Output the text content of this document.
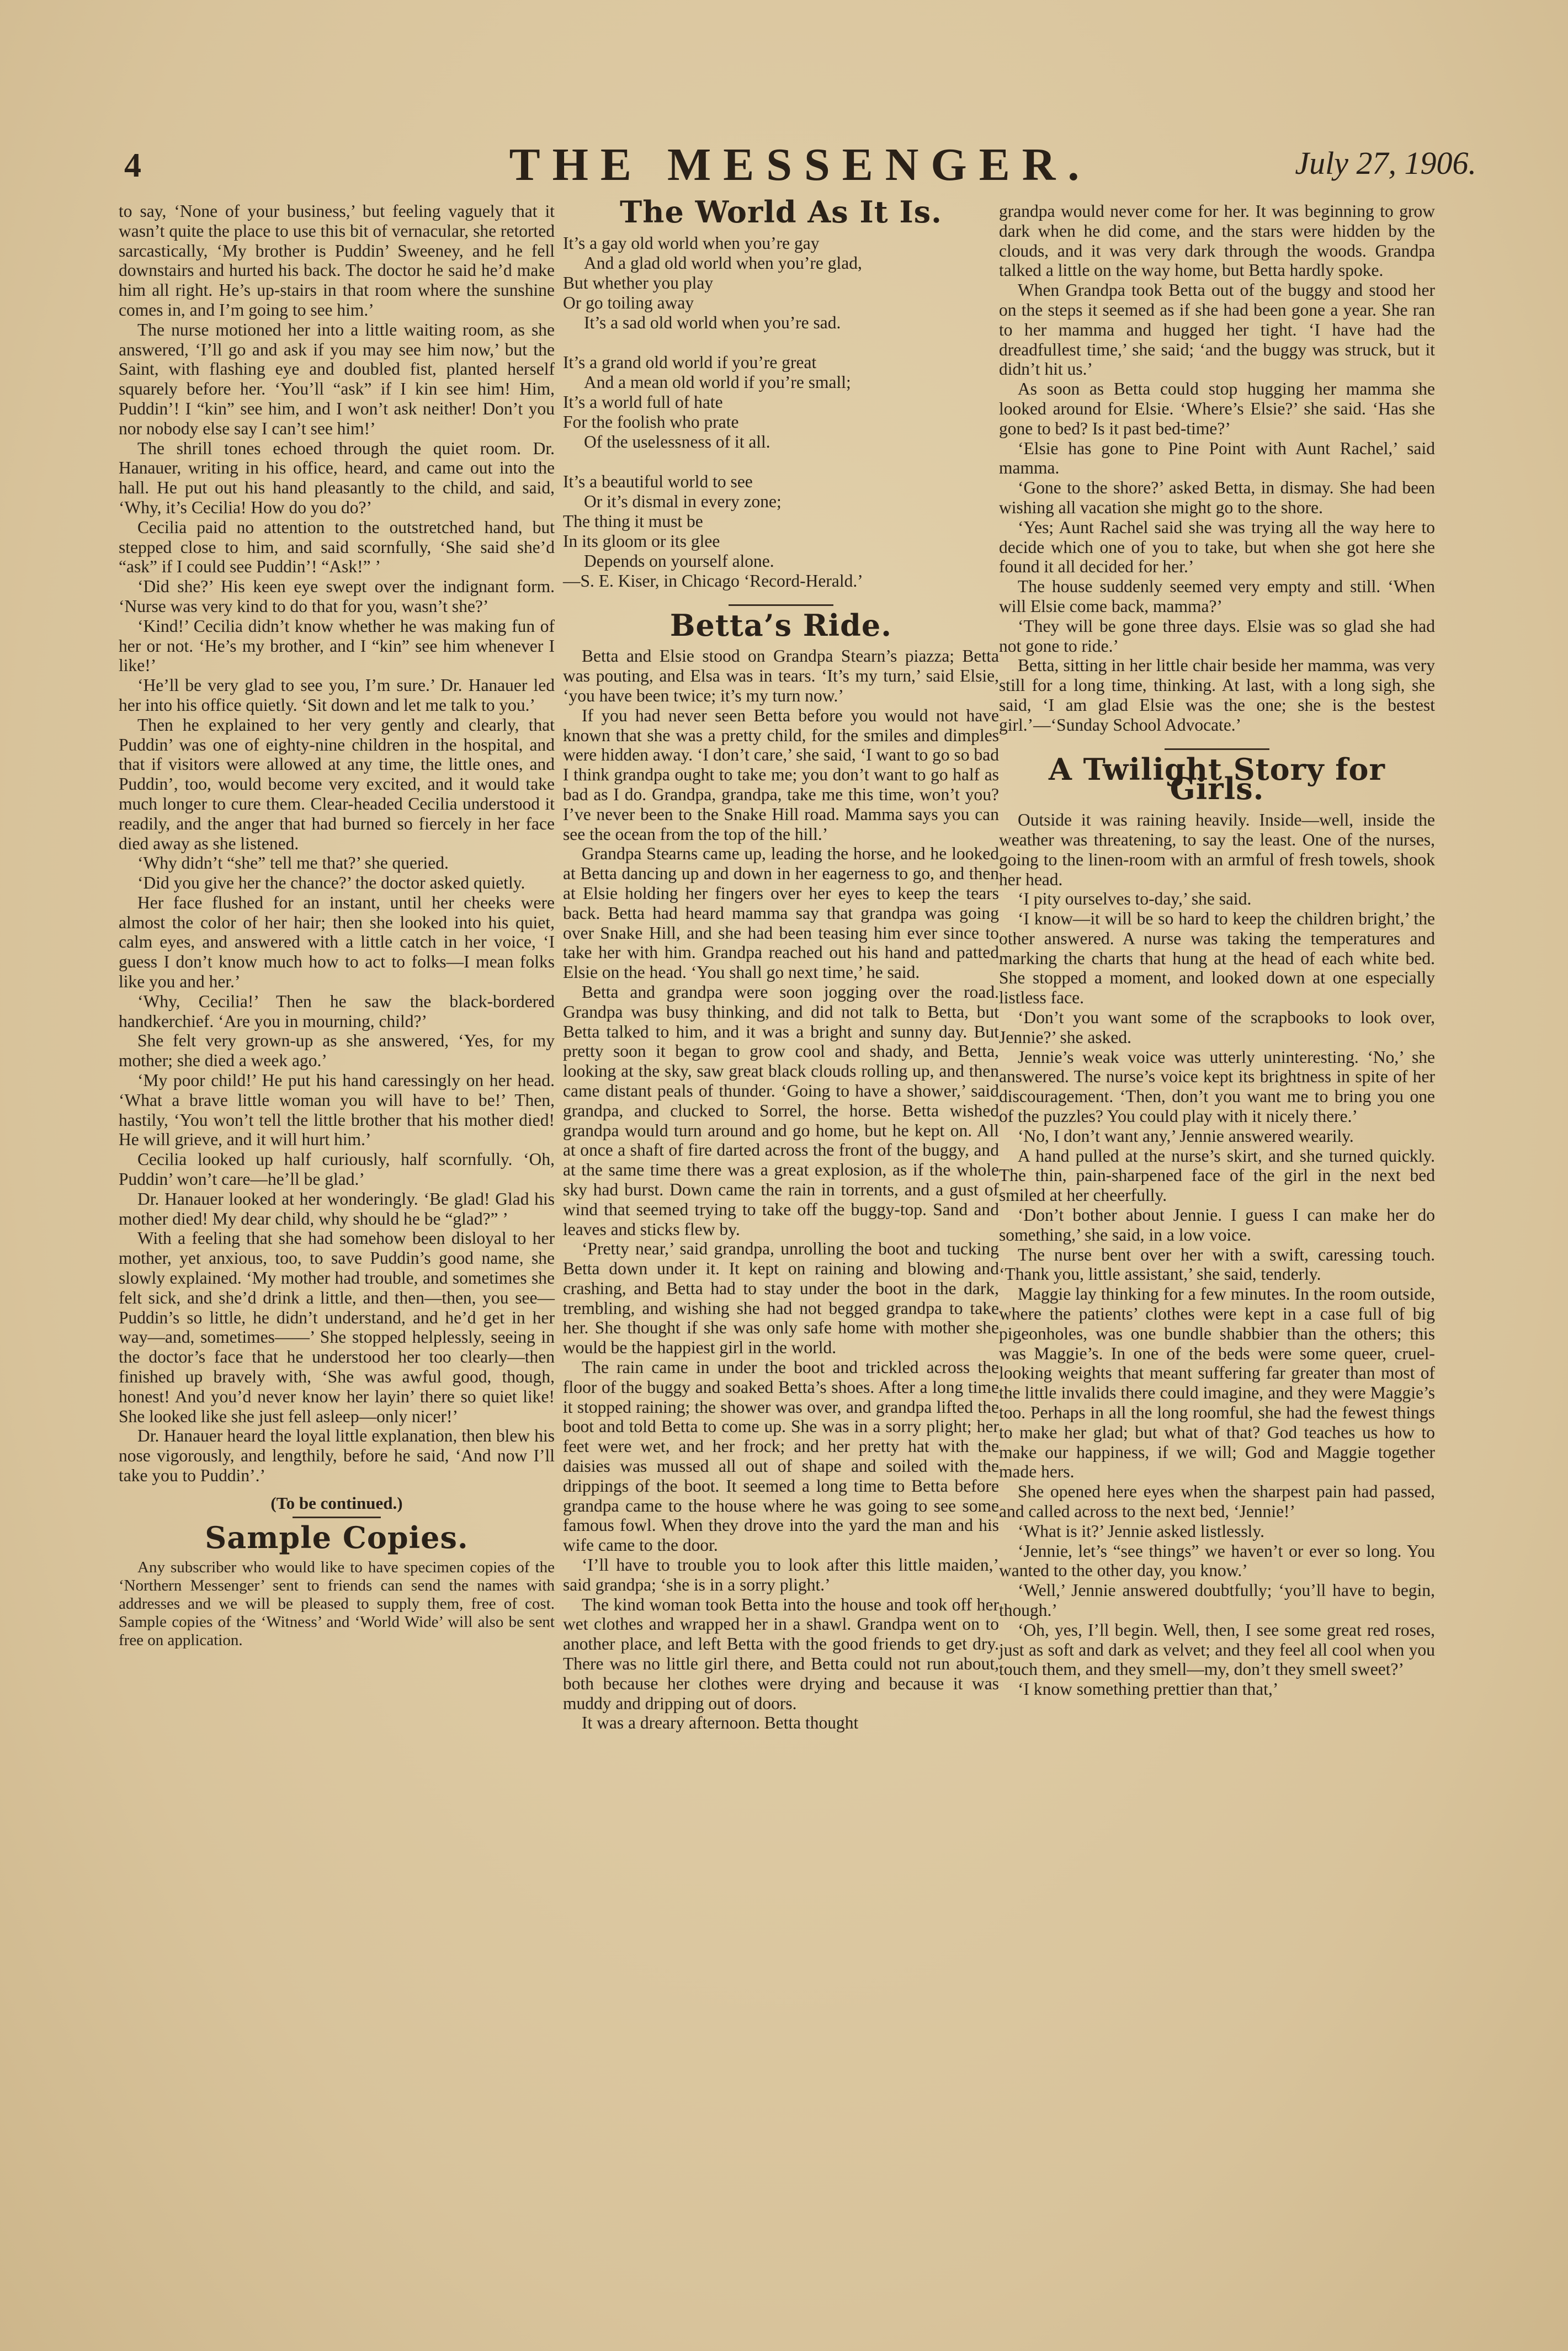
4	THE MESSENGER.	July 27, 1906.

to say, ‘None of your business,’ but feeling vaguely that it wasn’t quite the place to use this bit of vernacular, she retorted sarcastically, ‘My brother is Puddin’ Sweeney, and he fell downstairs and hurted his back. The doctor he said he’d make him all right. He’s up-stairs in that room where the sunshine comes in, and I’m going to see him.’

The nurse motioned her into a little waiting room, as she answered, ‘I’ll go and ask if you may see him now,’ but the Saint, with flashing eye and doubled fist, planted herself squarely before her. ‘You’ll “ask” if I kin see him! Him, Puddin’! I “kin” see him, and I won’t ask neither! Don’t you nor nobody else say I can’t see him!’

The shrill tones echoed through the quiet room. Dr. Hanauer, writing in his office, heard, and came out into the hall. He put out his hand pleasantly to the child, and said, ‘Why, it’s Cecilia! How do you do?’

Cecilia paid no attention to the outstretched hand, but stepped close to him, and said scornfully, ‘She said she’d “ask” if I could see Puddin’! “Ask!” ’

‘Did she?’ His keen eye swept over the indignant form. ‘Nurse was very kind to do that for you, wasn’t she?’

‘Kind!’ Cecilia didn’t know whether he was making fun of her or not. ‘He’s my brother, and I “kin” see him whenever I like!’

‘He’ll be very glad to see you, I’m sure.’ Dr. Hanauer led her into his office quietly. ‘Sit down and let me talk to you.’

Then he explained to her very gently and clearly, that Puddin’ was one of eighty-nine children in the hospital, and that if visitors were allowed at any time, the little ones, and Puddin’, too, would become very excited, and it would take much longer to cure them. Clear-headed Cecilia understood it readily, and the anger that had burned so fiercely in her face died away as she listened.

‘Why didn’t “she” tell me that?’ she queried.

‘Did you give her the chance?’ the doctor asked quietly.

Her face flushed for an instant, until her cheeks were almost the color of her hair; then she looked into his quiet, calm eyes, and answered with a little catch in her voice, ‘I guess I don’t know much how to act to folks—I mean folks like you and her.’

‘Why, Cecilia!’ Then he saw the black-bordered handkerchief. ‘Are you in mourning, child?’

She felt very grown-up as she answered, ‘Yes, for my mother; she died a week ago.’

‘My poor child!’ He put his hand caressingly on her head. ‘What a brave little woman you will have to be!’ Then, hastily, ‘You won’t tell the little brother that his mother died! He will grieve, and it will hurt him.’

Cecilia looked up half curiously, half scornfully. ‘Oh, Puddin’ won’t care—he’ll be glad.’

Dr. Hanauer looked at her wonderingly. ‘Be glad! Glad his mother died! My dear child, why should he be “glad?” ’

With a feeling that she had somehow been disloyal to her mother, yet anxious, too, to save Puddin’s good name, she slowly explained. ‘My mother had trouble, and sometimes she felt sick, and she’d drink a little, and then—then, you see—Puddin’s so little, he didn’t understand, and he’d get in her way—and, sometimes——’ She stopped helplessly, seeing in the doctor’s face that he understood her too clearly—then finished up bravely with, ‘She was awful good, though, honest! And you’d never know her layin’ there so quiet like! She looked like she just fell asleep—only nicer!’

Dr. Hanauer heard the loyal little explanation, then blew his nose vigorously, and lengthily, before he said, ‘And now I’ll take you to Puddin’.’

(To be continued.)
Sample Copies.

Any subscriber who would like to have specimen copies of the ‘Northern Messenger’ sent to friends can send the names with addresses and we will be pleased to supply them, free of cost. Sample copies of the ‘Witness’ and ‘World Wide’ will also be sent free on application.

The World As It Is.
It’s a gay old world when you’re gay
And a glad old world when you’re glad,
But whether you play
Or go toiling away
It’s a sad old world when you’re sad.
It’s a grand old world if you’re great
And a mean old world if you’re small;
It’s a world full of hate
For the foolish who prate
Of the uselessness of it all.
It’s a beautiful world to see
Or it’s dismal in every zone;
The thing it must be
In its gloom or its glee
Depends on yourself alone.
—S. E. Kiser, in Chicago ‘Record-Herald.’
Betta’s Ride.

Betta and Elsie stood on Grandpa Stearn’s piazza; Betta was pouting, and Elsa was in tears. ‘It’s my turn,’ said Elsie, ‘you have been twice; it’s my turn now.’

If you had never seen Betta before you would not have known that she was a pretty child, for the smiles and dimples were hidden away. ‘I don’t care,’ she said, ‘I want to go so bad I think grandpa ought to take me; you don’t want to go half as bad as I do. Grandpa, grandpa, take me this time, won’t you? I’ve never been to the Snake Hill road. Mamma says you can see the ocean from the top of the hill.’

Grandpa Stearns came up, leading the horse, and he looked at Betta dancing up and down in her eagerness to go, and then at Elsie holding her fingers over her eyes to keep the tears back. Betta had heard mamma say that grandpa was going over Snake Hill, and she had been teasing him ever since to take her with him. Grandpa reached out his hand and patted Elsie on the head. ‘You shall go next time,’ he said.

Betta and grandpa were soon jogging over the road. Grandpa was busy thinking, and did not talk to Betta, but Betta talked to him, and it was a bright and sunny day. But pretty soon it began to grow cool and shady, and Betta, looking at the sky, saw great black clouds rolling up, and then came distant peals of thunder. ‘Going to have a shower,’ said grandpa, and clucked to Sorrel, the horse. Betta wished grandpa would turn around and go home, but he kept on. All at once a shaft of fire darted across the front of the buggy, and at the same time there was a great explosion, as if the whole sky had burst. Down came the rain in torrents, and a gust of wind that seemed trying to take off the buggy-top. Sand and leaves and sticks flew by.

‘Pretty near,’ said grandpa, unrolling the boot and tucking Betta down under it. It kept on raining and blowing and crashing, and Betta had to stay under the boot in the dark, trembling, and wishing she had not begged grandpa to take her. She thought if she was only safe home with mother she would be the happiest girl in the world.

The rain came in under the boot and trickled across the floor of the buggy and soaked Betta’s shoes. After a long time it stopped raining; the shower was over, and grandpa lifted the boot and told Betta to come up. She was in a sorry plight; her feet were wet, and her frock; and her pretty hat with the daisies was mussed all out of shape and soiled with the drippings of the boot. It seemed a long time to Betta before grandpa came to the house where he was going to see some famous fowl. When they drove into the yard the man and his wife came to the door.

‘I’ll have to trouble you to look after this little maiden,’ said grandpa; ‘she is in a sorry plight.’

The kind woman took Betta into the house and took off her wet clothes and wrapped her in a shawl. Grandpa went on to another place, and left Betta with the good friends to get dry. There was no little girl there, and Betta could not run about, both because her clothes were drying and because it was muddy and dripping out of doors.

It was a dreary afternoon. Betta thought

grandpa would never come for her. It was beginning to grow dark when he did come, and the stars were hidden by the clouds, and it was very dark through the woods. Grandpa talked a little on the way home, but Betta hardly spoke.

When Grandpa took Betta out of the buggy and stood her on the steps it seemed as if she had been gone a year. She ran to her mamma and hugged her tight. ‘I have had the dreadfullest time,’ she said; ‘and the buggy was struck, but it didn’t hit us.’

As soon as Betta could stop hugging her mamma she looked around for Elsie. ‘Where’s Elsie?’ she said. ‘Has she gone to bed? Is it past bed-time?’

‘Elsie has gone to Pine Point with Aunt Rachel,’ said mamma.

‘Gone to the shore?’ asked Betta, in dismay. She had been wishing all vacation she might go to the shore.

‘Yes; Aunt Rachel said she was trying all the way here to decide which one of you to take, but when she got here she found it all decided for her.’

The house suddenly seemed very empty and still. ‘When will Elsie come back, mamma?’

‘They will be gone three days. Elsie was so glad she had not gone to ride.’

Betta, sitting in her little chair beside her mamma, was very still for a long time, thinking. At last, with a long sigh, she said, ‘I am glad Elsie was the one; she is the bestest girl.’—‘Sunday School Advocate.’

A Twilight Story for Girls.

Outside it was raining heavily. Inside—well, inside the weather was threatening, to say the least. One of the nurses, going to the linen-room with an armful of fresh towels, shook her head.

‘I pity ourselves to-day,’ she said.

‘I know—it will be so hard to keep the children bright,’ the other answered. A nurse was taking the temperatures and marking the charts that hung at the head of each white bed. She stopped a moment, and looked down at one especially listless face.

‘Don’t you want some of the scrapbooks to look over, Jennie?’ she asked.

Jennie’s weak voice was utterly uninteresting. ‘No,’ she answered. The nurse’s voice kept its brightness in spite of her discouragement. ‘Then, don’t you want me to bring you one of the puzzles? You could play with it nicely there.’

‘No, I don’t want any,’ Jennie answered wearily.

A hand pulled at the nurse’s skirt, and she turned quickly. The thin, pain-sharpened face of the girl in the next bed smiled at her cheerfully.

‘Don’t bother about Jennie. I guess I can make her do something,’ she said, in a low voice.

The nurse bent over her with a swift, caressing touch. ‘Thank you, little assistant,’ she said, tenderly.

Maggie lay thinking for a few minutes. In the room outside, where the patients’ clothes were kept in a case full of big pigeonholes, was one bundle shabbier than the others; this was Maggie’s. In one of the beds were some queer, cruel-looking weights that meant suffering far greater than most of the little invalids there could imagine, and they were Maggie’s too. Perhaps in all the long roomful, she had the fewest things to make her glad; but what of that? God teaches us how to make our happiness, if we will; God and Maggie together made hers.

She opened here eyes when the sharpest pain had passed, and called across to the next bed, ‘Jennie!’

‘What is it?’ Jennie asked listlessly.

‘Jennie, let’s “see things” we haven’t or ever so long. You wanted to the other day, you know.’

‘Well,’ Jennie answered doubtfully; ‘you’ll have to begin, though.’

‘Oh, yes, I’ll begin. Well, then, I see some great red roses, just as soft and dark as velvet; and they feel all cool when you touch them, and they smell—my, don’t they smell sweet?’

‘I know something prettier than that,’
